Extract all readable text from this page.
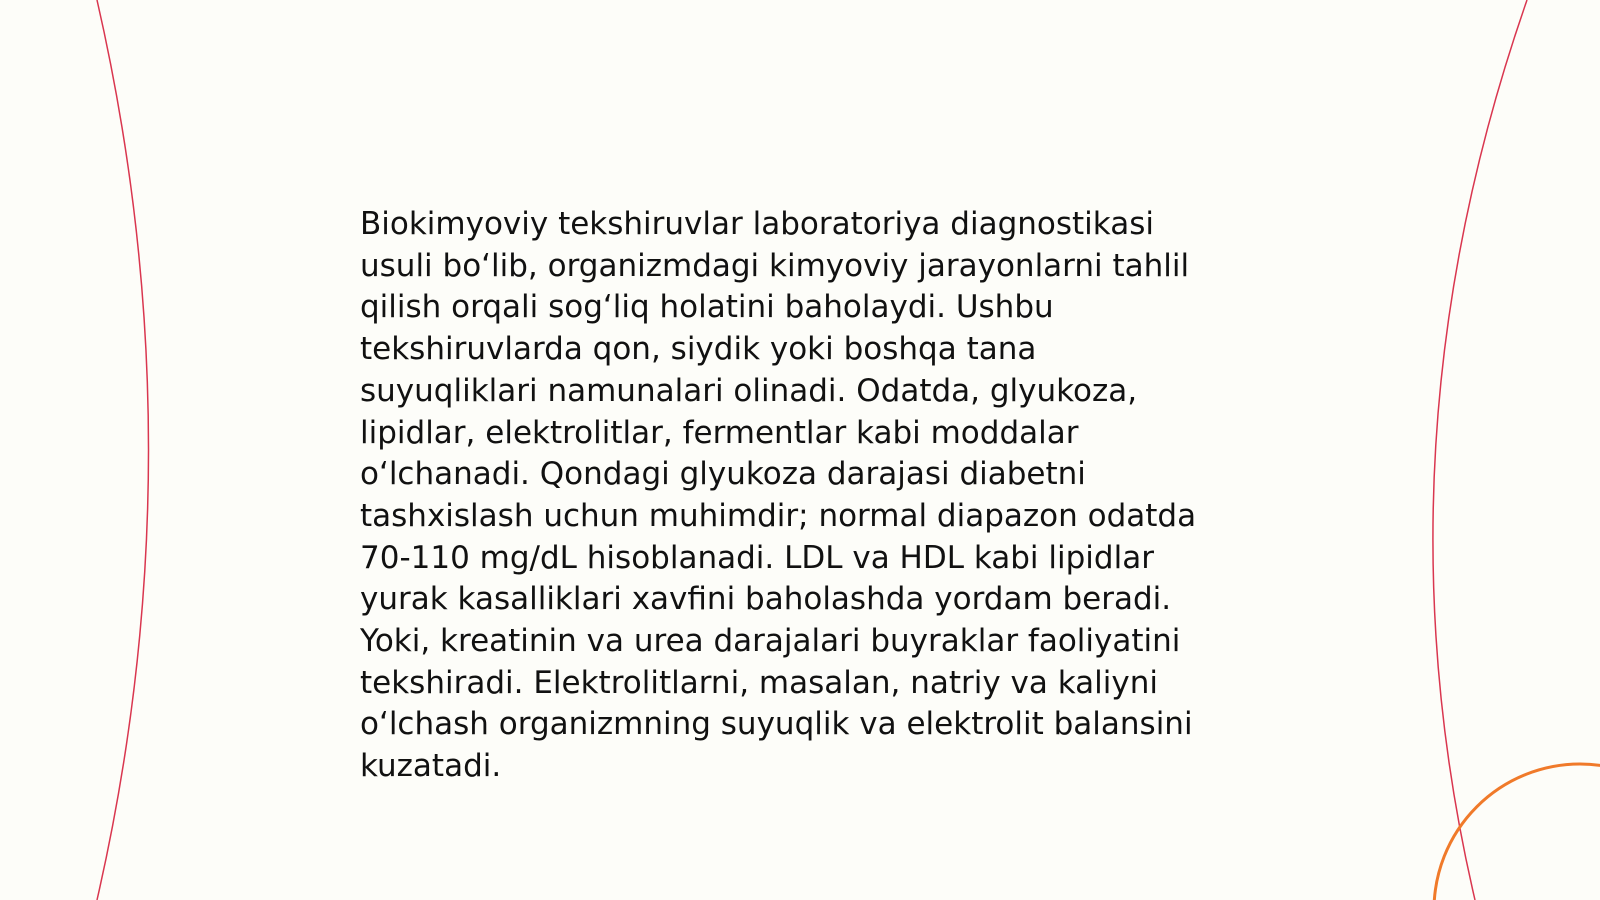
Biokimyoviy tekshiruvlar laboratoriya diagnostikasi
usuli bo‘lib, organizmdagi kimyoviy jarayonlarni tahlil
qilish orqali sog‘liq holatini baholaydi. Ushbu
tekshiruvlarda qon, siydik yoki boshqa tana
suyuqliklari namunalari olinadi. Odatda, glyukoza,
lipidlar, elektrolitlar, fermentlar kabi moddalar
o‘lchanadi. Qondagi glyukoza darajasi diabetni
tashxislash uchun muhimdir; normal diapazon odatda
70-110 mg/dL hisoblanadi. LDL va HDL kabi lipidlar
yurak kasalliklari xavfini baholashda yordam beradi.
Yoki, kreatinin va urea darajalari buyraklar faoliyatini
tekshiradi. Elektrolitlarni, masalan, natriy va kaliyni
o‘lchash organizmning suyuqlik va elektrolit balansini
kuzatadi.
